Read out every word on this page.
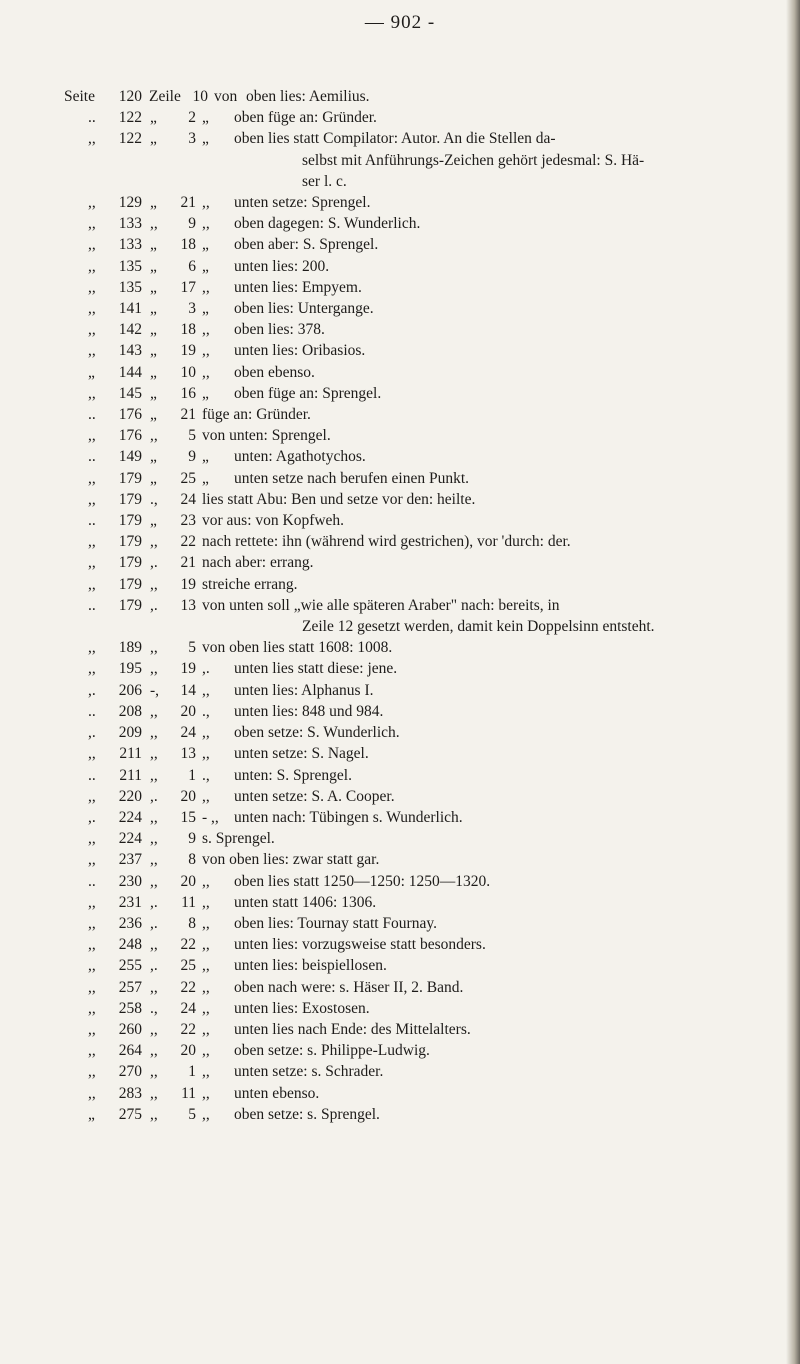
— 902 -
Seite	120 Zeile 10 von oben lies: Aemilius.
..	122 „	2 „ oben füge an: Gründer.
,,	122 „	3 „ oben lies statt Compilator: Autor. An die Stellen da-
selbst mit Anführungs-Zeichen gehört jedesmal: S. Hä-
ser l. c.
,,	129 „	21 ,, unten setze: Sprengel.
,,	133 ,,	9 ,, oben dagegen: S. Wunderlich.
,,	133 „	18 „ oben aber: S. Sprengel.
,,	135 „	6 „ unten lies: 200.
,,	135 „	17 ,, unten lies: Empyem.
,,	141 „	3 „ oben lies: Untergange.
,,	142 „	18 ,, oben lies: 378.
,,	143 „	19 ,, unten lies: Oribasios.
„	144 „	10 ,, oben ebenso.
,,	145 „	16 „ oben füge an: Sprengel.
..	176 „	21 füge an: Gründer.
,,	176 ,,	5 von unten: Sprengel.
..	149 „	9 „ unten: Agathotychos.
,,	179 „	25 „ unten setze nach berufen einen Punkt.
,,	179 .,	24 lies statt Abu: Ben und setze vor den: heilte.
..	179 „	23 vor aus: von Kopfweh.
,,	179 ,,	22 nach rettete: ihn (während wird gestrichen), vor 'durch: der.
,,	179 ,.	21 nach aber: errang.
,,	179 ,,	19 streiche errang.
..	179 ,.	13 von unten soll „wie alle späteren Araber" nach: bereits, in
Zeile 12 gesetzt werden, damit kein Doppelsinn entsteht.
,,	189 ,,	5 von oben lies statt 1608: 1008.
,,	195 ,,	19 ,. unten lies statt diese: jene.
,.	206 -,	14 ,, unten lies: Alphanus I.
..	208 ,,	20 ., unten lies: 848 und 984.
,.	209 ,,	24 ,, oben setze: S. Wunderlich.
,,	211 ,,	13 ,, unten setze: S. Nagel.
..	211 ,,	1 ., unten: S. Sprengel.
,,	220 ,.	20 ,, unten setze: S. A. Cooper.
,.	224 ,,	15 - ,, unten nach: Tübingen s. Wunderlich.
,,	224 ,,	9 s. Sprengel.
,,	237 ,,	8 von oben lies: zwar statt gar.
..	230 ,,	20 ,, oben lies statt 1250—1250: 1250—1320.
,,	231 ,.	11 ,, unten statt 1406: 1306.
,,	236 ,.	8 ,, oben lies: Tournay statt Fournay.
,,	248 ,,	22 ,, unten lies: vorzugsweise statt besonders.
,,	255 ,.	25 ,, unten lies: beispiellosen.
,,	257 ,,	22 ,, oben nach were: s. Häser II, 2. Band.
,,	258 .,	24 ,, unten lies: Exostosen.
,,	260 ,,	22 ,, unten lies nach Ende: des Mittelalters.
,,	264 ,,	20 ,, oben setze: s. Philippe-Ludwig.
,,	270 ,,	1 ,, unten setze: s. Schrader.
,,	283 ,,	11 ,, unten ebenso.
„	275 ,,	5 ,, oben setze: s. Sprengel.
